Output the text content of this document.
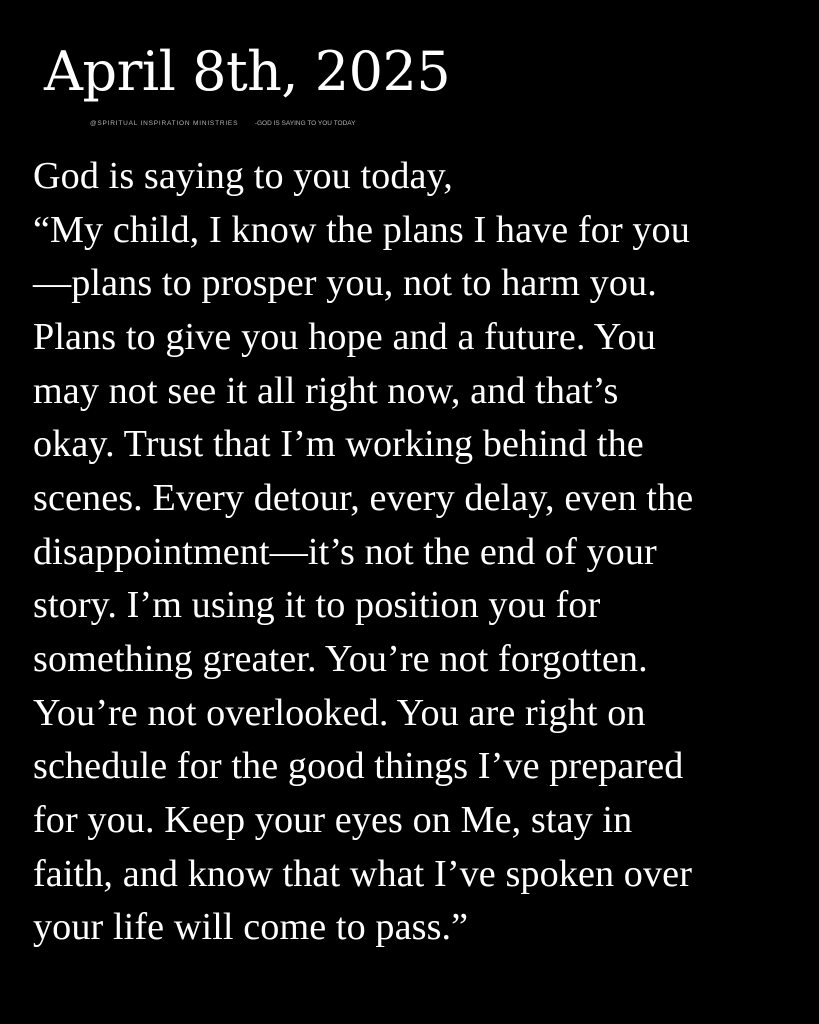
April 8th, 2025
@SPIRITUAL INSPIRATION MINISTRIES	-GOD IS SAYING TO YOU TODAY
God is saying to you today,
“My child, I know the plans I have for you
—plans to prosper you, not to harm you.
Plans to give you hope and a future. You
may not see it all right now, and that’s
okay. Trust that I’m working behind the
scenes. Every detour, every delay, even the
disappointment—it’s not the end of your
story. I’m using it to position you for
something greater. You’re not forgotten.
You’re not overlooked. You are right on
schedule for the good things I’ve prepared
for you. Keep your eyes on Me, stay in
faith, and know that what I’ve spoken over
your life will come to pass.”
